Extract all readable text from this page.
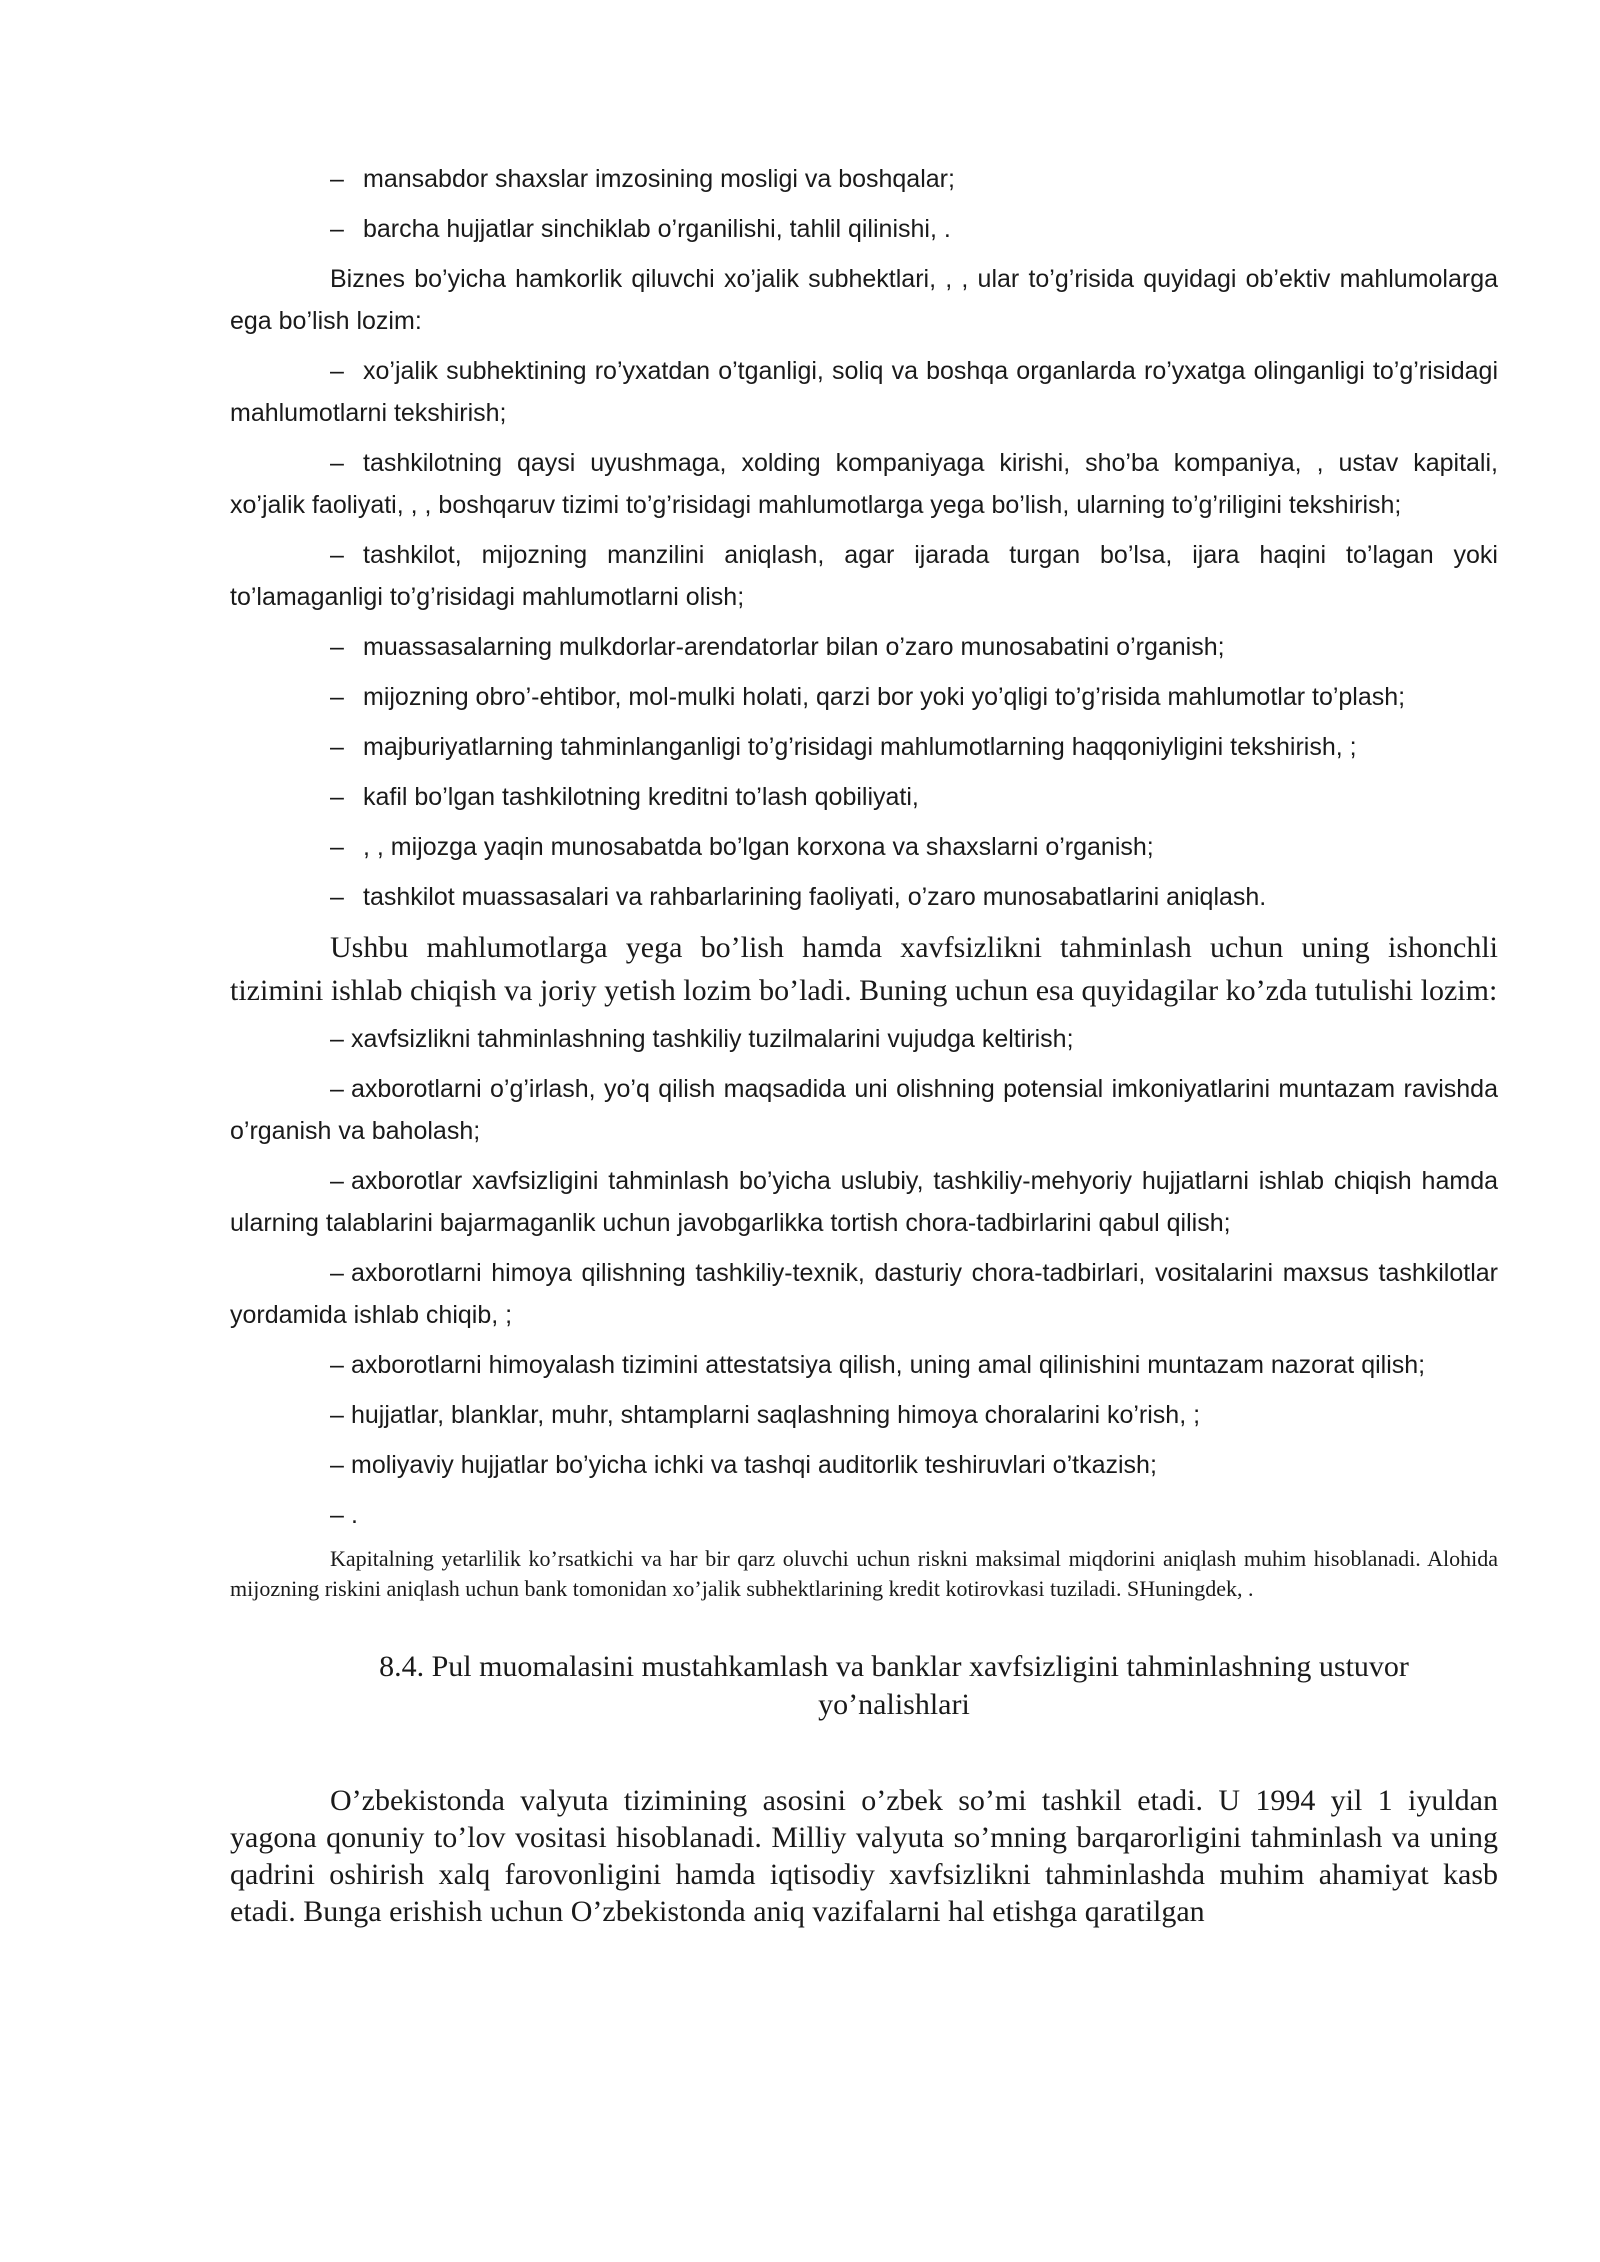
– mansabdor shaxslar imzosining mosligi va boshqalar;

– barcha hujjatlar sinchiklab o’rganilishi, tahlil qilinishi, .

Biznes bo’yicha hamkorlik qiluvchi xo’jalik subhektlari, , , ular to’g’risida quyidagi ob’ektiv mahlumolarga ega bo’lish lozim:

– xo’jalik subhektining ro’yxatdan o’tganligi, soliq va boshqa organlarda ro’yxatga olinganligi to’g’risidagi mahlumotlarni tekshirish;

– tashkilotning qaysi uyushmaga, xolding kompaniyaga kirishi, sho’ba kompaniya, , ustav kapitali, xo’jalik faoliyati, , , boshqaruv tizimi to’g’risidagi mahlumotlarga yega bo’lish, ularning to’g’riligini tekshirish;

– tashkilot, mijozning manzilini aniqlash, agar ijarada turgan bo’lsa, ijara haqini to’lagan yoki to’lamaganligi to’g’risidagi mahlumotlarni olish;

– muassasalarning mulkdorlar-arendatorlar bilan o’zaro munosabatini o’rganish;

– mijozning obro’-ehtibor, mol-mulki holati, qarzi bor yoki yo’qligi to’g’risida mahlumotlar to’plash;

– majburiyatlarning tahminlanganligi to’g’risidagi mahlumotlarning haqqoniyligini tekshirish, ;

– kafil bo’lgan tashkilotning kreditni to’lash qobiliyati,

– , , mijozga yaqin munosabatda bo’lgan korxona va shaxslarni o’rganish;

– tashkilot muassasalari va rahbarlarining faoliyati, o’zaro munosabatlarini aniqlash.

Ushbu mahlumotlarga yega bo’lish hamda xavfsizlikni tahminlash uchun uning ishonchli tizimini ishlab chiqish va joriy yetish lozim bo’ladi. Buning uchun esa quyidagilar ko’zda tutulishi lozim:

– xavfsizlikni tahminlashning tashkiliy tuzilmalarini vujudga keltirish;

– axborotlarni o’g’irlash, yo’q qilish maqsadida uni olishning potensial imkoniyatlarini muntazam ravishda o’rganish va baholash;

– axborotlar xavfsizligini tahminlash bo’yicha uslubiy, tashkiliy-mehyoriy hujjatlarni ishlab chiqish hamda ularning talablarini bajarmaganlik uchun javobgarlikka tortish chora-tadbirlarini qabul qilish;

– axborotlarni himoya qilishning tashkiliy-texnik, dasturiy chora-tadbirlari, vositalarini maxsus tashkilotlar yordamida ishlab chiqib, ;

– axborotlarni himoyalash tizimini attestatsiya qilish, uning amal qilinishini muntazam nazorat qilish;

– hujjatlar, blanklar, muhr, shtamplarni saqlashning himoya choralarini ko’rish, ;

– moliyaviy hujjatlar bo’yicha ichki va tashqi auditorlik teshiruvlari o’tkazish;

– .

Kapitalning yetarlilik ko’rsatkichi va har bir qarz oluvchi uchun riskni maksimal miqdorini aniqlash muhim hisoblanadi. Alohida mijozning riskini aniqlash uchun bank tomonidan xo’jalik subhektlarining kredit kotirovkasi tuziladi. SHuningdek, .

8.4. Pul muomalasini mustahkamlash va banklar xavfsizligini tahminlashning ustuvor
yo’nalishlari

O’zbekistonda valyuta tizimining asosini o’zbek so’mi tashkil etadi. U 1994 yil 1 iyuldan yagona qonuniy to’lov vositasi hisoblanadi. Milliy valyuta so’mning barqarorligini tahminlash va uning qadrini oshirish xalq farovonligini hamda iqtisodiy xavfsizlikni tahminlashda muhim ahamiyat kasb etadi. Bunga erishish uchun O’zbekistonda aniq vazifalarni hal etishga qaratilgan
